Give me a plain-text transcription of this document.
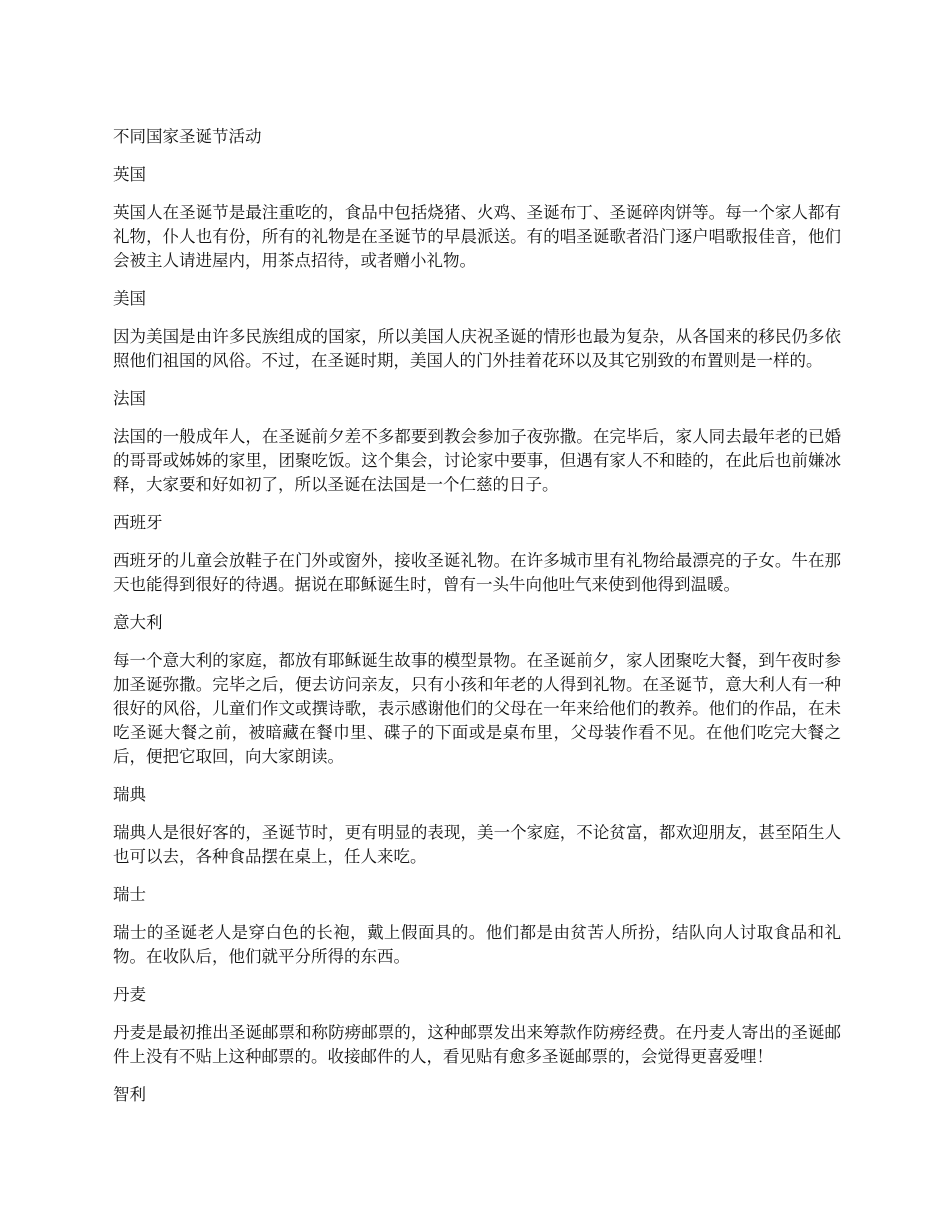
不同国家圣诞节活动
英国
英国人在圣诞节是最注重吃的，食品中包括烧猪、火鸡、圣诞布丁、圣诞碎肉饼等。每一个家人都有礼物，仆人也有份，所有的礼物是在圣诞节的早晨派送。有的唱圣诞歌者沿门逐户唱歌报佳音，他们会被主人请进屋内，用茶点招待，或者赠小礼物。
美国
因为美国是由许多民族组成的国家，所以美国人庆祝圣诞的情形也最为复杂，从各国来的移民仍多依照他们祖国的风俗。不过，在圣诞时期，美国人的门外挂着花环以及其它别致的布置则是一样的。
法国
法国的一般成年人，在圣诞前夕差不多都要到教会参加子夜弥撒。在完毕后，家人同去最年老的已婚的哥哥或姊姊的家里，团聚吃饭。这个集会，讨论家中要事，但遇有家人不和睦的，在此后也前嫌冰释，大家要和好如初了，所以圣诞在法国是一个仁慈的日子。
西班牙
西班牙的儿童会放鞋子在门外或窗外，接收圣诞礼物。在许多城市里有礼物给最漂亮的子女。牛在那天也能得到很好的待遇。据说在耶稣诞生时，曾有一头牛向他吐气来使到他得到温暖。
意大利
每一个意大利的家庭，都放有耶稣诞生故事的模型景物。在圣诞前夕，家人团聚吃大餐，到午夜时参加圣诞弥撒。完毕之后，便去访问亲友，只有小孩和年老的人得到礼物。在圣诞节，意大利人有一种很好的风俗，儿童们作文或撰诗歌，表示感谢他们的父母在一年来给他们的教养。他们的作品，在未吃圣诞大餐之前，被暗藏在餐巾里、碟子的下面或是桌布里，父母装作看不见。在他们吃完大餐之后，便把它取回，向大家朗读。
瑞典
瑞典人是很好客的，圣诞节时，更有明显的表现，美一个家庭，不论贫富，都欢迎朋友，甚至陌生人也可以去，各种食品摆在桌上，任人来吃。
瑞士
瑞士的圣诞老人是穿白色的长袍，戴上假面具的。他们都是由贫苦人所扮，结队向人讨取食品和礼物。在收队后，他们就平分所得的东西。
丹麦
丹麦是最初推出圣诞邮票和称防痨邮票的，这种邮票发出来筹款作防痨经费。在丹麦人寄出的圣诞邮件上没有不贴上这种邮票的。收接邮件的人，看见贴有愈多圣诞邮票的，会觉得更喜爱哩！
智利
